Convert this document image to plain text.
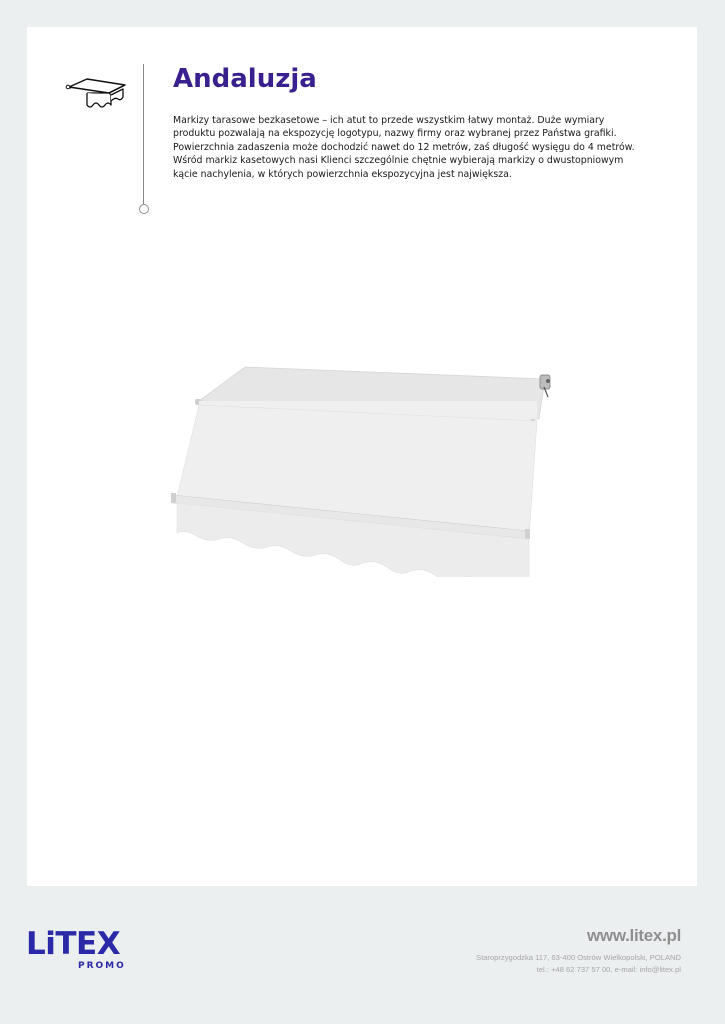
Andaluzja

Markizy tarasowe bezkasetowe – ich atut to przede wszystkim łatwy montaż. Duże wymiary produktu pozwalają na ekspozycję logotypu, nazwy firmy oraz wybranej przez Państwa grafiki. Powierzchnia zadaszenia może dochodzić nawet do 12 metrów, zaś długość wysięgu do 4 metrów. Wśród markiz kasetowych nasi Klienci szczególnie chętnie wybierają markizy o dwustopniowym kącie nachylenia, w których powierzchnia ekspozycyjna jest największa.

LiTEX
PROMO
www.litex.pl
Staroprzygodzka 117, 63-400 Ostrów Wielkopolski, POLAND
tel.: +48 62 737 57 00, e-mail: info@litex.pl
